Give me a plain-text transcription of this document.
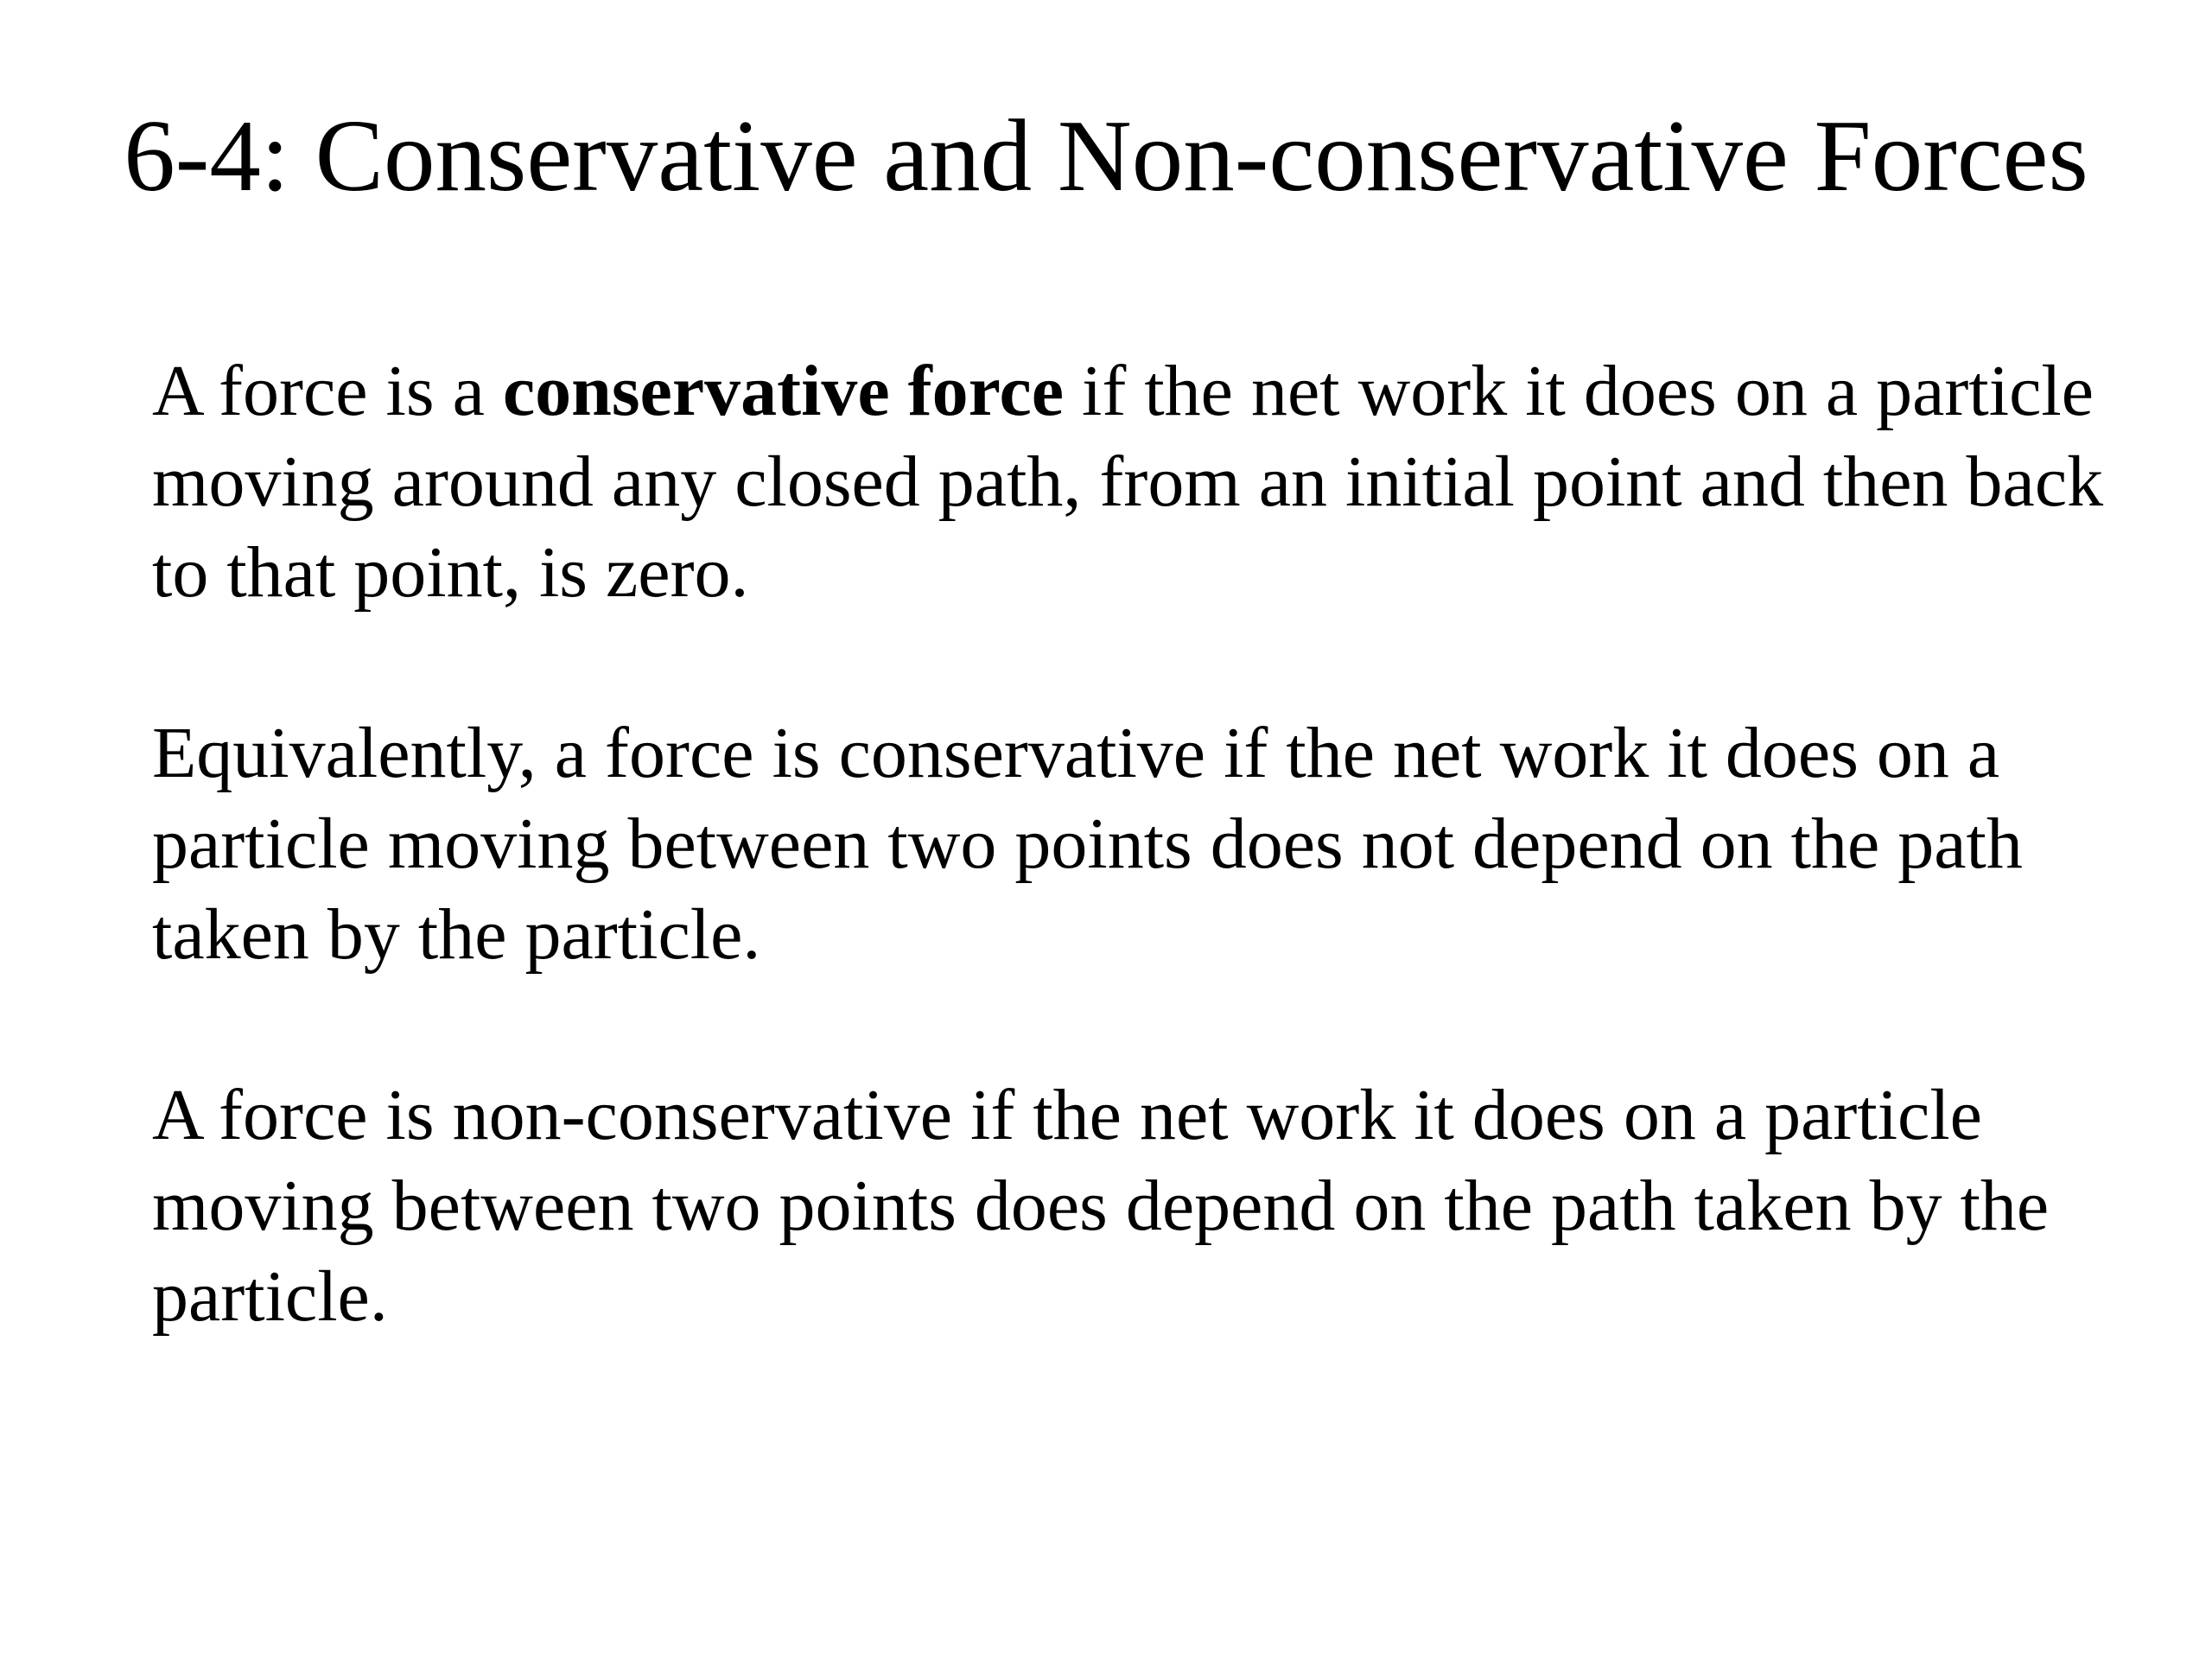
6-4: Conservative and Non-conservative Forces

A force is a conservative force if the net work it does on a particle moving around any closed path, from an initial point and then back to that point, is zero.

Equivalently, a force is conservative if the net work it does on a particle moving between two points does not depend on the path taken by the particle.

A force is non-conservative if the net work it does on a particle moving between two points does depend on the path taken by the particle.
